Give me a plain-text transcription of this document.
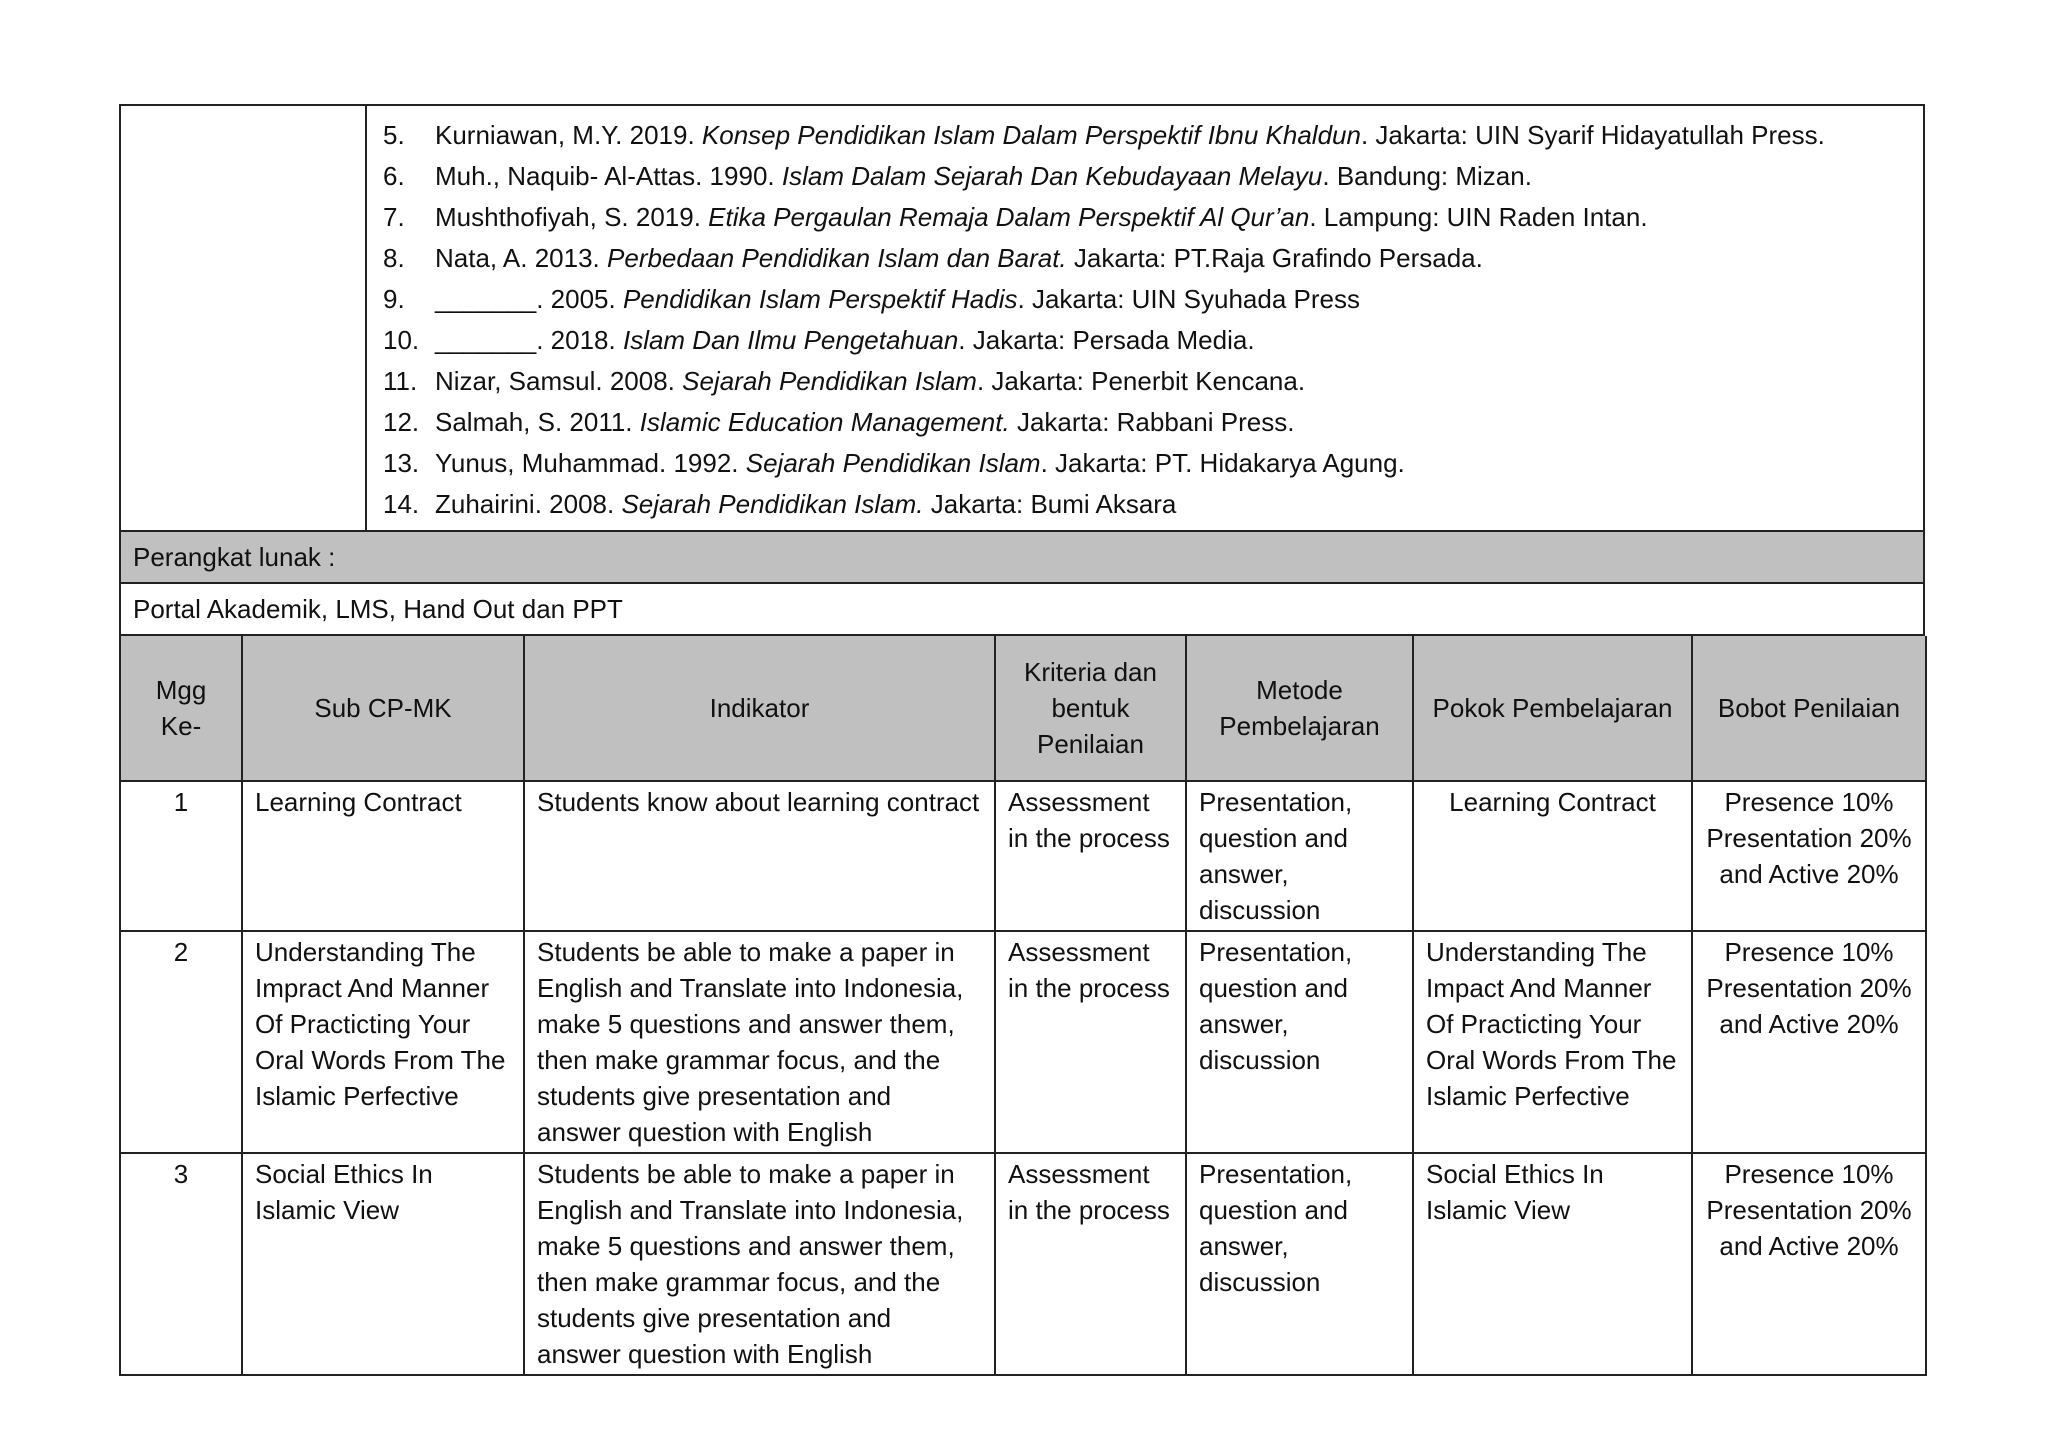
5.	Kurniawan, M.Y. 2019. Konsep Pendidikan Islam Dalam Perspektif Ibnu Khaldun. Jakarta: UIN Syarif Hidayatullah Press.
6.	Muh., Naquib- Al-Attas. 1990. Islam Dalam Sejarah Dan Kebudayaan Melayu. Bandung: Mizan.
7.	Mushthofiyah, S. 2019. Etika Pergaulan Remaja Dalam Perspektif Al Qur’an. Lampung: UIN Raden Intan.
8.	Nata, A. 2013. Perbedaan Pendidikan Islam dan Barat. Jakarta: PT.Raja Grafindo Persada.
9.	_______. 2005. Pendidikan Islam Perspektif Hadis. Jakarta: UIN Syuhada Press
10. _______. 2018. Islam Dan Ilmu Pengetahuan. Jakarta: Persada Media.
11. Nizar, Samsul. 2008. Sejarah Pendidikan Islam. Jakarta: Penerbit Kencana.
12. Salmah, S. 2011. Islamic Education Management. Jakarta: Rabbani Press.
13. Yunus, Muhammad. 1992. Sejarah Pendidikan Islam. Jakarta: PT. Hidakarya Agung.
14. Zuhairini. 2008. Sejarah Pendidikan Islam. Jakarta: Bumi Aksara

Perangkat lunak :
Portal Akademik, LMS, Hand Out dan PPT
Mgg
Ke-	Sub CP-MK	Indikator	Kriteria dan
bentuk
Penilaian	Metode
Pembelajaran	Pokok Pembelajaran	Bobot Penilaian
1	Learning Contract	Students know about learning contract	Assessment in the process	Presentation, question and answer, discussion	Learning Contract	Presence 10% Presentation 20% and Active 20%
2	Understanding The Impract And Manner Of Practicting Your Oral Words From The Islamic Perfective	Students be able to make a paper in English and Translate into Indonesia, make 5 questions and answer them, then make grammar focus, and the students give presentation and answer question with English	Assessment in the process	Presentation, question and answer, discussion	Understanding The Impact And Manner Of Practicting Your Oral Words From The Islamic Perfective	Presence 10% Presentation 20% and Active 20%
3	Social Ethics In Islamic View	Students be able to make a paper in English and Translate into Indonesia, make 5 questions and answer them, then make grammar focus, and the students give presentation and answer question with English	Assessment in the process	Presentation, question and answer, discussion	Social Ethics In Islamic View	Presence 10% Presentation 20% and Active 20%
